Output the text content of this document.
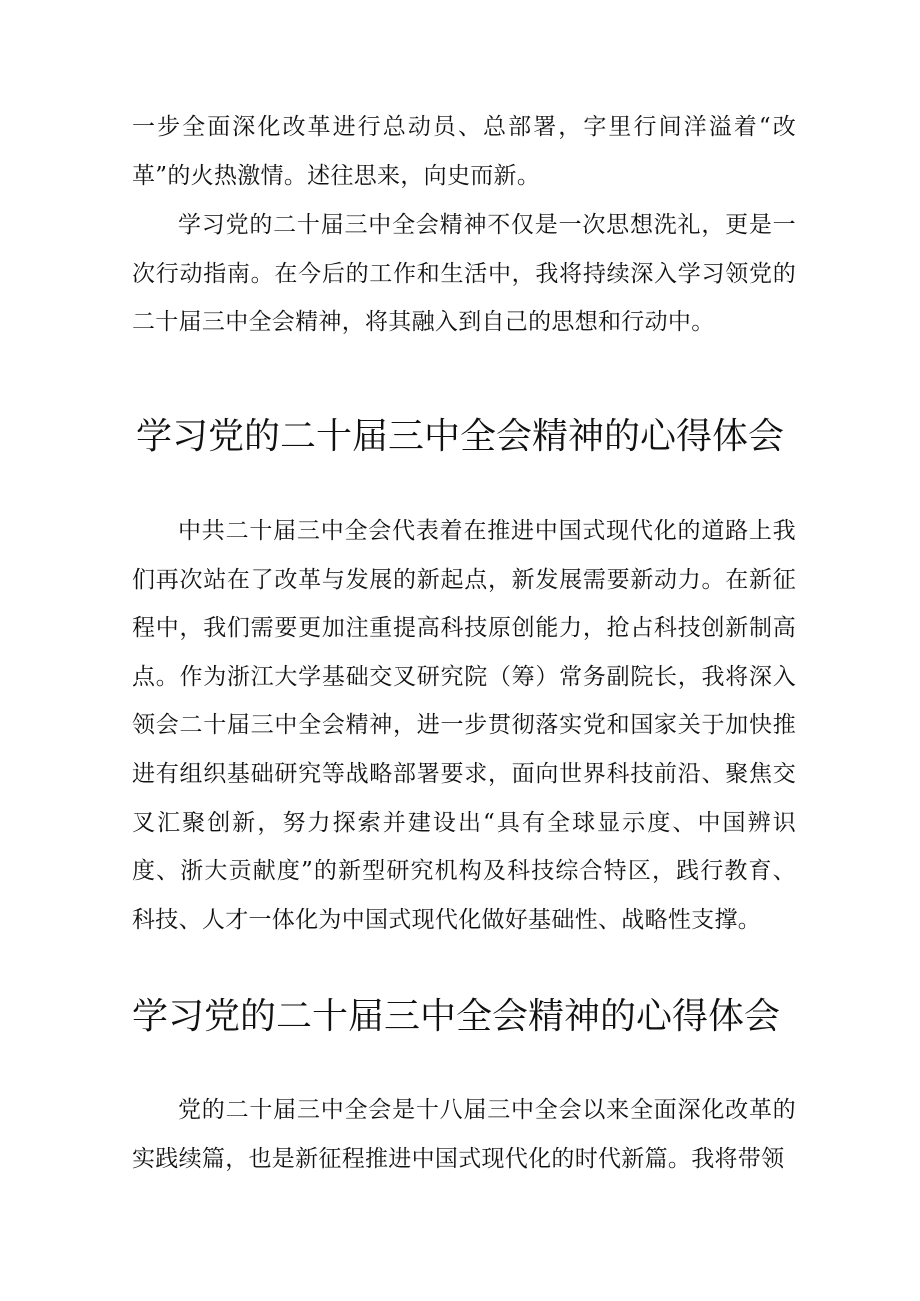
一步全面深化改革进行总动员、总部署，字里行间洋溢着“改革”的火热激情。述往思来，向史而新。

学习党的二十届三中全会精神不仅是一次思想洗礼，更是一次行动指南。在今后的工作和生活中，我将持续深入学习领党的二十届三中全会精神，将其融入到自己的思想和行动中。

学习党的二十届三中全会精神的心得体会

中共二十届三中全会代表着在推进中国式现代化的道路上我们再次站在了改革与发展的新起点，新发展需要新动力。在新征程中，我们需要更加注重提高科技原创能力，抢占科技创新制高点。作为浙江大学基础交叉研究院（筹）常务副院长，我将深入领会二十届三中全会精神，进一步贯彻落实党和国家关于加快推进有组织基础研究等战略部署要求，面向世界科技前沿、聚焦交叉汇聚创新，努力探索并建设出“具有全球显示度、中国辨识度、浙大贡献度”的新型研究机构及科技综合特区，践行教育、科技、人才一体化为中国式现代化做好基础性、战略性支撑。

学习党的二十届三中全会精神的心得体会

党的二十届三中全会是十八届三中全会以来全面深化改革的实践续篇，也是新征程推进中国式现代化的时代新篇。我将带领
